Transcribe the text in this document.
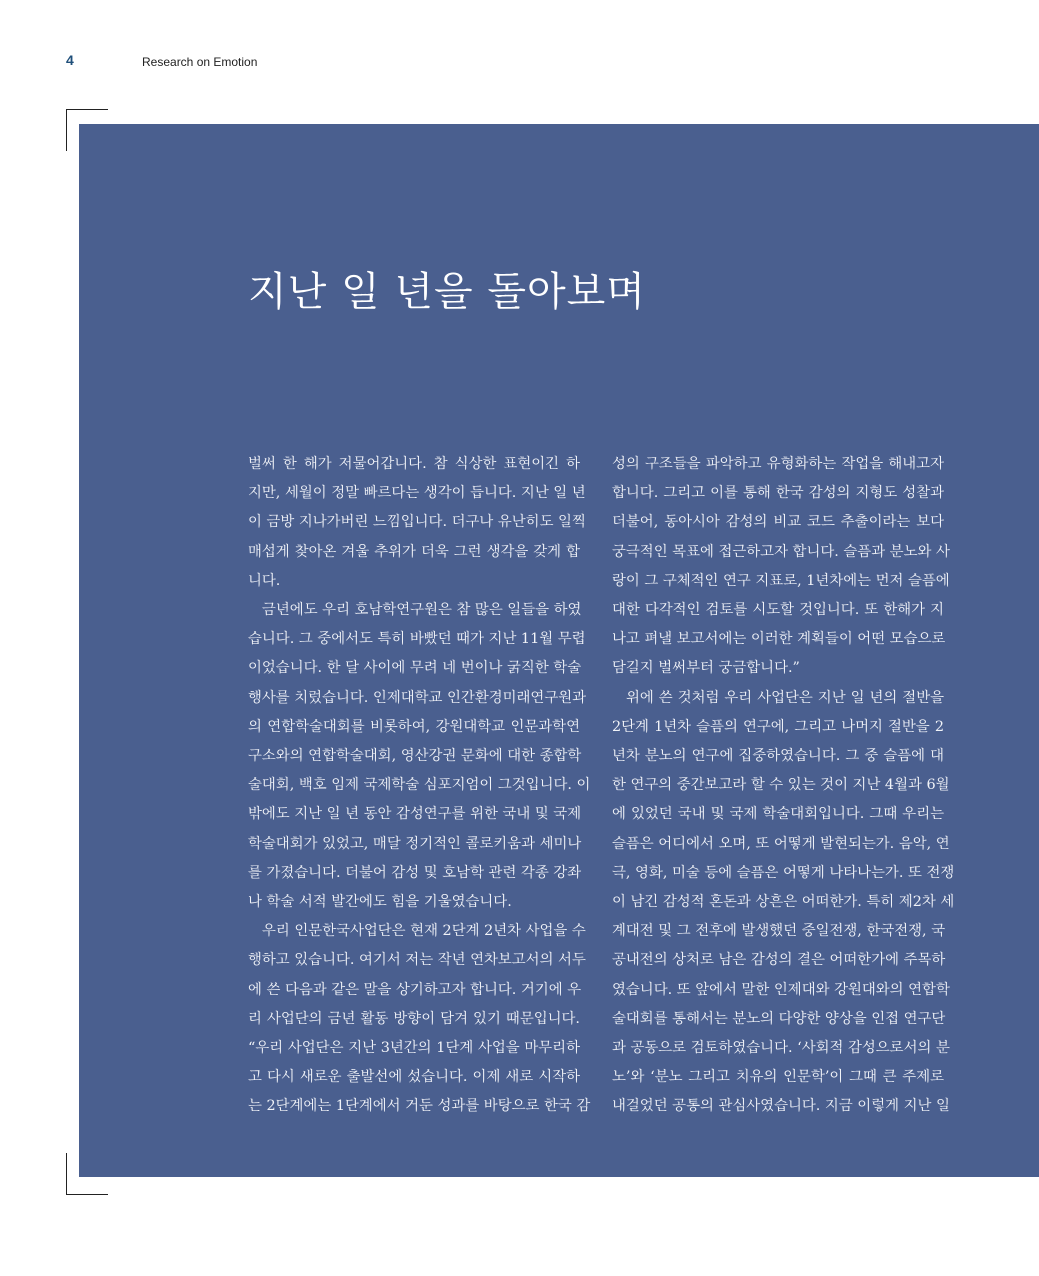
4	Research on Emotion
지난 일 년을 돌아보며
벌써 한 해가 저물어갑니다. 참 식상한 표현이긴 하
지만, 세월이 정말 빠르다는 생각이 듭니다. 지난 일 년
이 금방 지나가버린 느낌입니다. 더구나 유난히도 일찍
매섭게 찾아온 겨울 추위가 더욱 그런 생각을 갖게 합
니다.
금년에도 우리 호남학연구원은 참 많은 일들을 하였
습니다. 그 중에서도 특히 바빴던 때가 지난 11월 무렵
이었습니다. 한 달 사이에 무려 네 번이나 굵직한 학술
행사를 치렀습니다. 인제대학교 인간환경미래연구원과
의 연합학술대회를 비롯하여, 강원대학교 인문과학연
구소와의 연합학술대회, 영산강권 문화에 대한 종합학
술대회, 백호 임제 국제학술 심포지엄이 그것입니다. 이
밖에도 지난 일 년 동안 감성연구를 위한 국내 및 국제
학술대회가 있었고, 매달 정기적인 콜로키움과 세미나
를 가졌습니다. 더불어 감성 및 호남학 관련 각종 강좌
나 학술 서적 발간에도 힘을 기울였습니다.
우리 인문한국사업단은 현재 2단계 2년차 사업을 수
행하고 있습니다. 여기서 저는 작년 연차보고서의 서두
에 쓴 다음과 같은 말을 상기하고자 합니다. 거기에 우
리 사업단의 금년 활동 방향이 담겨 있기 때문입니다.
“우리 사업단은 지난 3년간의 1단계 사업을 마무리하
고 다시 새로운 출발선에 섰습니다. 이제 새로 시작하
는 2단계에는 1단계에서 거둔 성과를 바탕으로 한국 감
성의 구조들을 파악하고 유형화하는 작업을 해내고자
합니다. 그리고 이를 통해 한국 감성의 지형도 성찰과
더불어, 동아시아 감성의 비교 코드 추출이라는 보다
궁극적인 목표에 접근하고자 합니다. 슬픔과 분노와 사
랑이 그 구체적인 연구 지표로, 1년차에는 먼저 슬픔에
대한 다각적인 검토를 시도할 것입니다. 또 한해가 지
나고 펴낼 보고서에는 이러한 계획들이 어떤 모습으로
담길지 벌써부터 궁금합니다.”
위에 쓴 것처럼 우리 사업단은 지난 일 년의 절반을
2단계 1년차 슬픔의 연구에, 그리고 나머지 절반을 2
년차 분노의 연구에 집중하였습니다. 그 중 슬픔에 대
한 연구의 중간보고라 할 수 있는 것이 지난 4월과 6월
에 있었던 국내 및 국제 학술대회입니다. 그때 우리는
슬픔은 어디에서 오며, 또 어떻게 발현되는가. 음악, 연
극, 영화, 미술 등에 슬픔은 어떻게 나타나는가. 또 전쟁
이 남긴 감성적 혼돈과 상흔은 어떠한가. 특히 제2차 세
계대전 및 그 전후에 발생했던 중일전쟁, 한국전쟁, 국
공내전의 상처로 남은 감성의 결은 어떠한가에 주목하
였습니다. 또 앞에서 말한 인제대와 강원대와의 연합학
술대회를 통해서는 분노의 다양한 양상을 인접 연구단
과 공동으로 검토하였습니다. ‘사회적 감성으로서의 분
노’와 ‘분노 그리고 치유의 인문학’이 그때 큰 주제로
내걸었던 공통의 관심사였습니다. 지금 이렇게 지난 일
